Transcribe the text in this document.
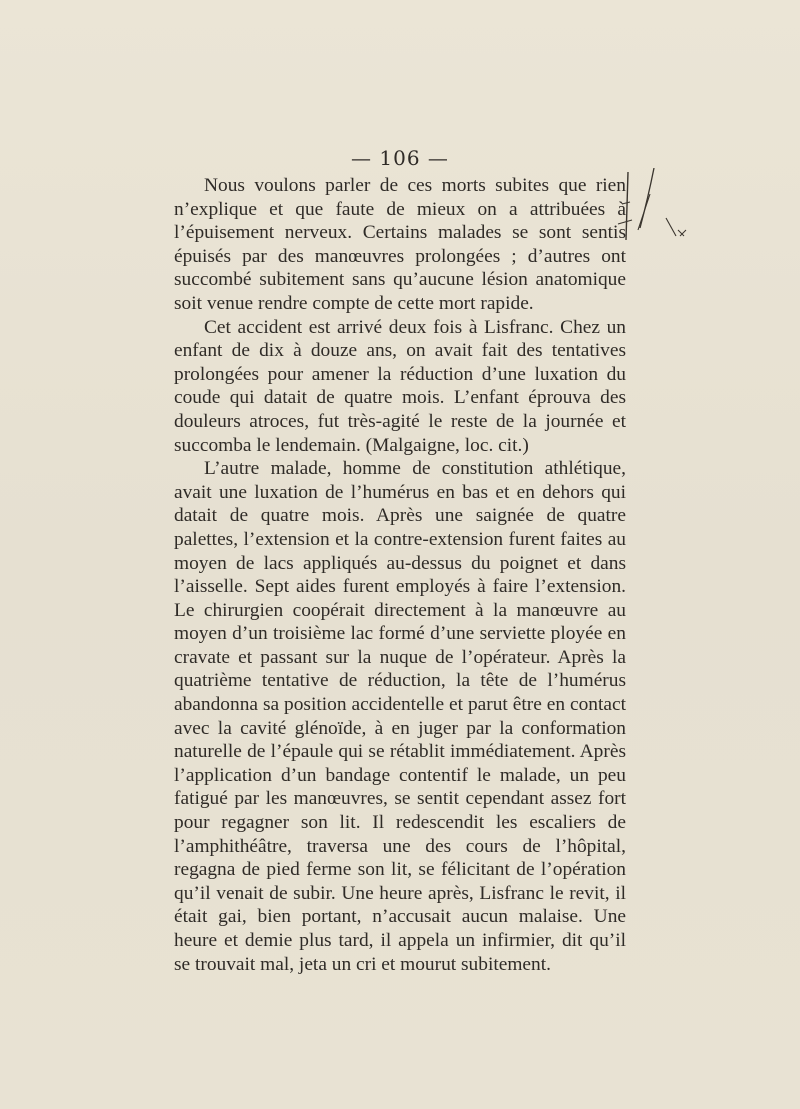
— 106 —

Nous voulons parler de ces morts subites que rien n’explique et que faute de mieux on a attribuées à l’épuisement nerveux. Certains malades se sont sentis épuisés par des manœuvres prolongées ; d’autres ont succombé subitement sans qu’aucune lésion anatomique soit venue rendre compte de cette mort rapide.

Cet accident est arrivé deux fois à Lisfranc. Chez un enfant de dix à douze ans, on avait fait des tentatives prolongées pour amener la réduction d’une luxation du coude qui datait de quatre mois. L’enfant éprouva des douleurs atroces, fut très-agité le reste de la journée et succomba le lendemain. (Malgaigne, loc. cit.)

L’autre malade, homme de constitution athlétique, avait une luxation de l’humérus en bas et en dehors qui datait de quatre mois. Après une saignée de quatre palettes, l’extension et la contre-extension furent faites au moyen de lacs appliqués au-dessus du poignet et dans l’aisselle. Sept aides furent employés à faire l’extension. Le chirurgien coopérait directement à la manœuvre au moyen d’un troisième lac formé d’une serviette ployée en cravate et passant sur la nuque de l’opérateur. Après la quatrième tentative de réduction, la tête de l’humérus abandonna sa position accidentelle et parut être en contact avec la cavité glénoïde, à en juger par la conformation naturelle de l’épaule qui se rétablit immédiatement. Après l’application d’un bandage contentif le malade, un peu fatigué par les manœuvres, se sentit cependant assez fort pour regagner son lit. Il redescendit les escaliers de l’amphithéâtre, traversa une des cours de l’hôpital, regagna de pied ferme son lit, se félicitant de l’opération qu’il venait de subir. Une heure après, Lisfranc le revit, il était gai, bien portant, n’accusait aucun malaise. Une heure et demie plus tard, il appela un infirmier, dit qu’il se trouvait mal, jeta un cri et mourut subitement.
